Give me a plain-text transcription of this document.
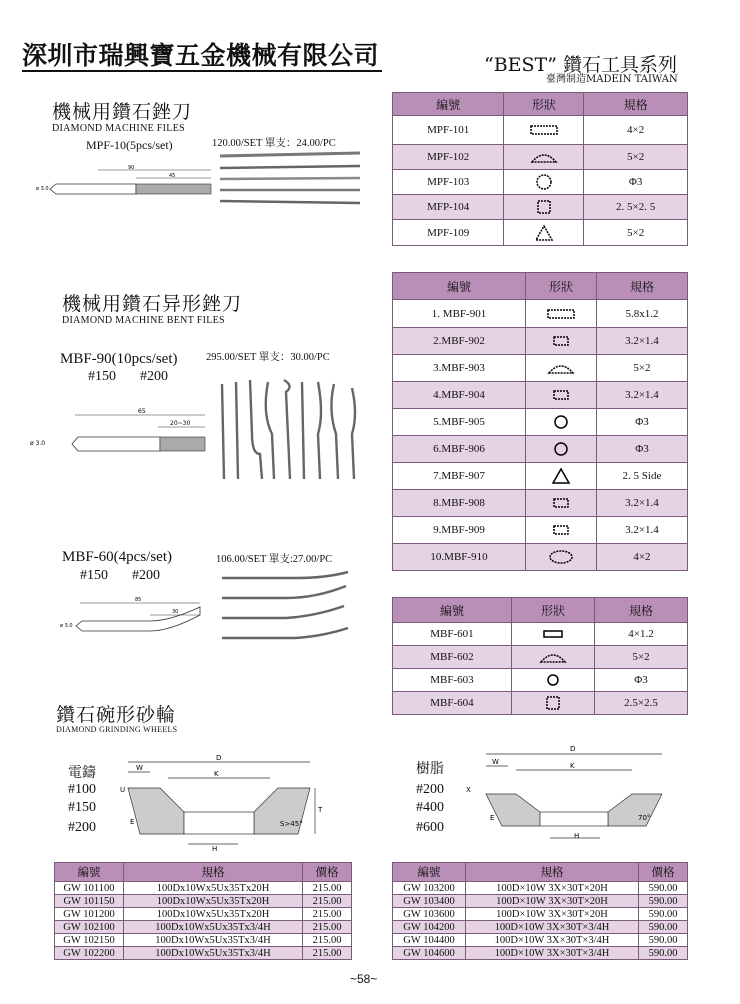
深圳市瑞興寶五金機械有限公司	“BEST” 鑽石工具系列
臺灣制造MADEIN TAIWAN
機械用鑽石銼刀
DIAMOND MACHINE FILES
MPF-10(5pcs/set)	120.00/SET 單支：24.00/PC
90
45
ø 3.0
編號	形狀	規格
MPF-101		4×2
MPF-102		5×2
MPF-103		Φ3
MFP-104		2. 5×2. 5
MPF-109		5×2
機械用鑽石异形銼刀
DIAMOND MACHINE BENT FILES
MBF-90(10pcs/set)	295.00/SET 單支：30.00/PC
#150 #200
65
20~30
ø 3.0
MBF-60(4pcs/set)	106.00/SET 單支:27.00/PC
#150 #200
85
30
ø 3.0
編號	形狀	規格
1. MBF-901		5.8x1.2
2.MBF-902		3.2×1.4
3.MBF-903		5×2
4.MBF-904		3.2×1.4
5.MBF-905		Φ3
6.MBF-906		Φ3
7.MBF-907		2. 5 Side
8.MBF-908		3.2×1.4
9.MBF-909		3.2×1.4
10.MBF-910		4×2
編號	形狀	規格
MBF-601		4×1.2
MBF-602		5×2
MBF-603		Φ3
MBF-604		2.5×2.5
鑽石碗形砂輪
DIAMOND GRINDING WHEELS
電鑄
#100
#150
#200
D
W
K
U
T
E
H
S>45°
樹脂
#200
#400
#600
D
W	K
X
E
H
70°
編號	規格	價格
GW 101100	100Dx10Wx5Ux35Tx20H	215.00
GW 101150	100Dx10Wx5Ux35Tx20H	215.00
GW 101200	100Dx10Wx5Ux35Tx20H	215.00
GW 102100	100Dx10Wx5Ux35Tx3/4H	215.00
GW 102150	100Dx10Wx5Ux35Tx3/4H	215.00
GW 102200	100Dx10Wx5Ux35Tx3/4H	215.00
編號	規格	價格
GW 103200	100D×10W 3X×30T×20H	590.00
GW 103400	100D×10W 3X×30T×20H	590.00
GW 103600	100D×10W 3X×30T×20H	590.00
GW 104200	100D×10W 3X×30T×3/4H	590.00
GW 104400	100D×10W 3X×30T×3/4H	590.00
GW 104600	100D×10W 3X×30T×3/4H	590.00
~58~
